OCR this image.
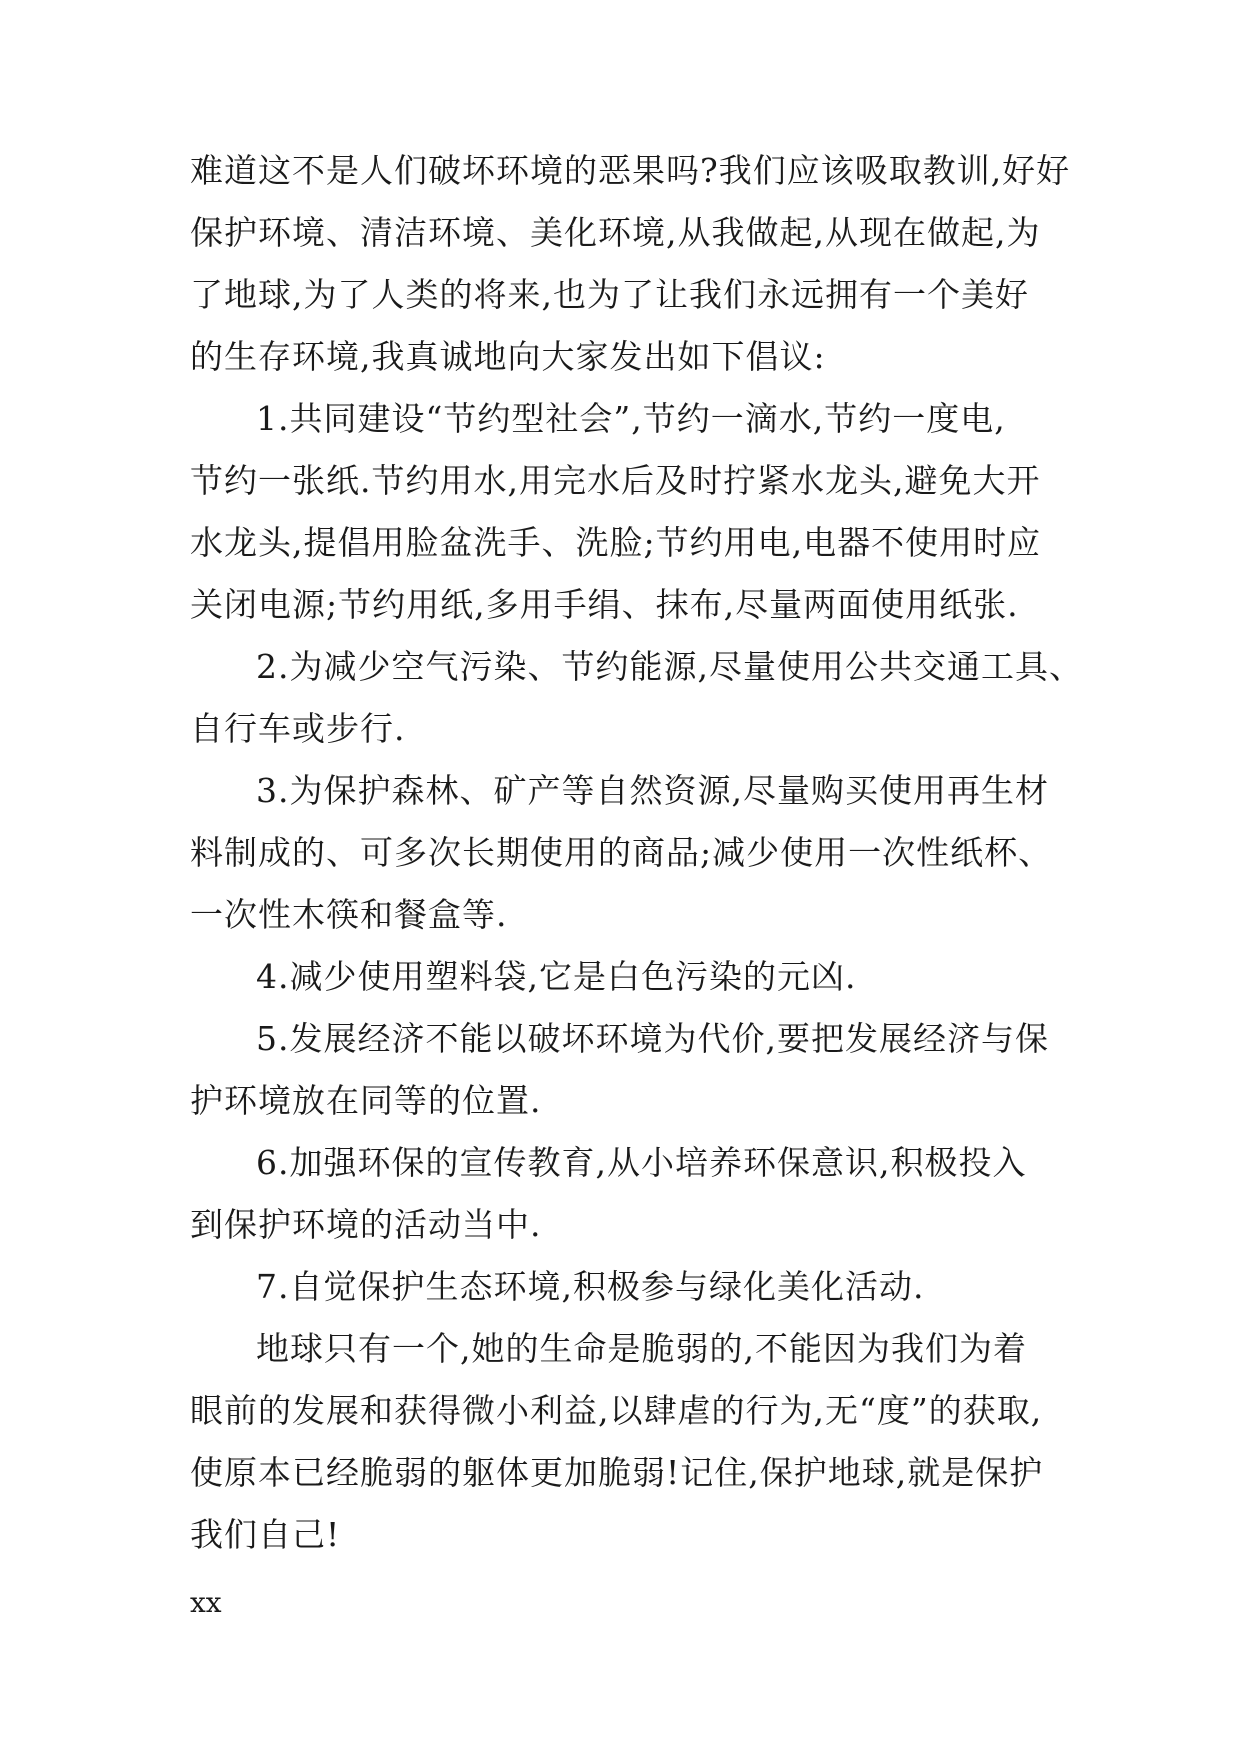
难道这不是人们破坏环境的恶果吗?我们应该吸取教训,好好
保护环境、清洁环境、美化环境,从我做起,从现在做起,为
了地球,为了人类的将来,也为了让我们永远拥有一个美好
的生存环境,我真诚地向大家发出如下倡议:
1.共同建设“节约型社会”,节约一滴水,节约一度电,
节约一张纸.节约用水,用完水后及时拧紧水龙头,避免大开
水龙头,提倡用脸盆洗手、洗脸;节约用电,电器不使用时应
关闭电源;节约用纸,多用手绢、抹布,尽量两面使用纸张.
2.为减少空气污染、节约能源,尽量使用公共交通工具、
自行车或步行.
3.为保护森林、矿产等自然资源,尽量购买使用再生材
料制成的、可多次长期使用的商品;减少使用一次性纸杯、
一次性木筷和餐盒等.
4.减少使用塑料袋,它是白色污染的元凶.
5.发展经济不能以破坏环境为代价,要把发展经济与保
护环境放在同等的位置.
6.加强环保的宣传教育,从小培养环保意识,积极投入
到保护环境的活动当中.
7.自觉保护生态环境,积极参与绿化美化活动.
地球只有一个,她的生命是脆弱的,不能因为我们为着
眼前的发展和获得微小利益,以肆虐的行为,无“度”的获取,
使原本已经脆弱的躯体更加脆弱!记住,保护地球,就是保护
我们自己!
xx
